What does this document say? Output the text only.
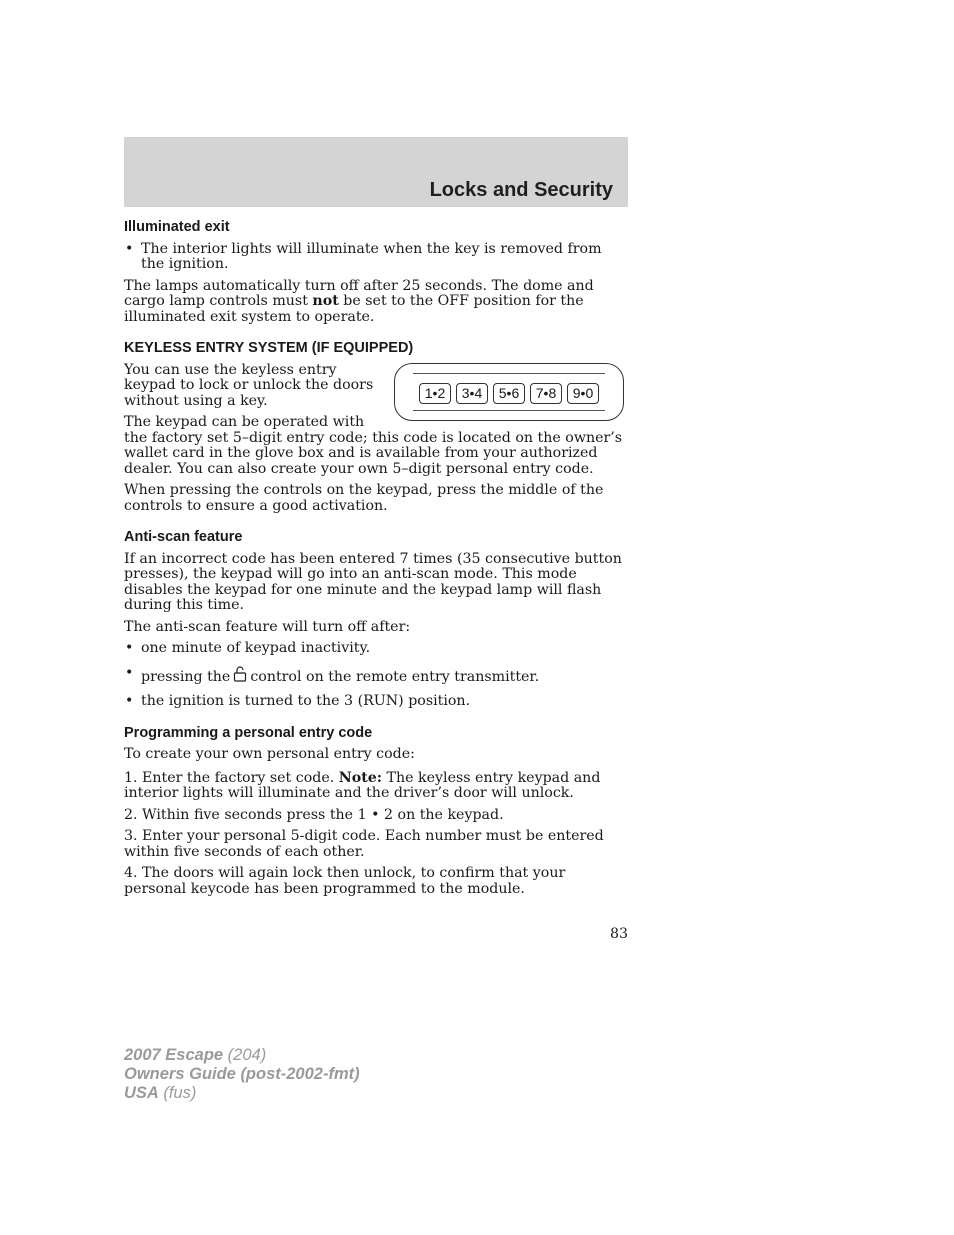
Locks and Security
Illuminated exit
• The interior lights will illuminate when the key is removed from the ignition.

The lamps automatically turn off after 25 seconds. The dome and cargo lamp controls must not be set to the OFF position for the illuminated exit system to operate.

KEYLESS ENTRY SYSTEM (IF EQUIPPED)
1•2	3•4	5•6	7•8	9•0

You can use the keyless entry keypad to lock or unlock the doors without using a key.

The keypad can be operated with the factory set 5–digit entry code; this code is located on the owner’s wallet card in the glove box and is available from your authorized dealer. You can also create your own 5–digit personal entry code.

When pressing the controls on the keypad, press the middle of the controls to ensure a good activation.

Anti-scan feature

If an incorrect code has been entered 7 times (35 consecutive button presses), the keypad will go into an anti-scan mode. This mode disables the keypad for one minute and the keypad lamp will flash during this time.

The anti-scan feature will turn off after:

• one minute of keypad inactivity.
• pressing the control on the remote entry transmitter.
• the ignition is turned to the 3 (RUN) position.
Programming a personal entry code

To create your own personal entry code:

1. Enter the factory set code. Note: The keyless entry keypad and interior lights will illuminate and the driver’s door will unlock.

2. Within five seconds press the 1 • 2 on the keypad.

3. Enter your personal 5-digit code. Each number must be entered within five seconds of each other.

4. The doors will again lock then unlock, to confirm that your personal keycode has been programmed to the module.

83
2007 Escape (204)
Owners Guide (post-2002-fmt)
USA (fus)
